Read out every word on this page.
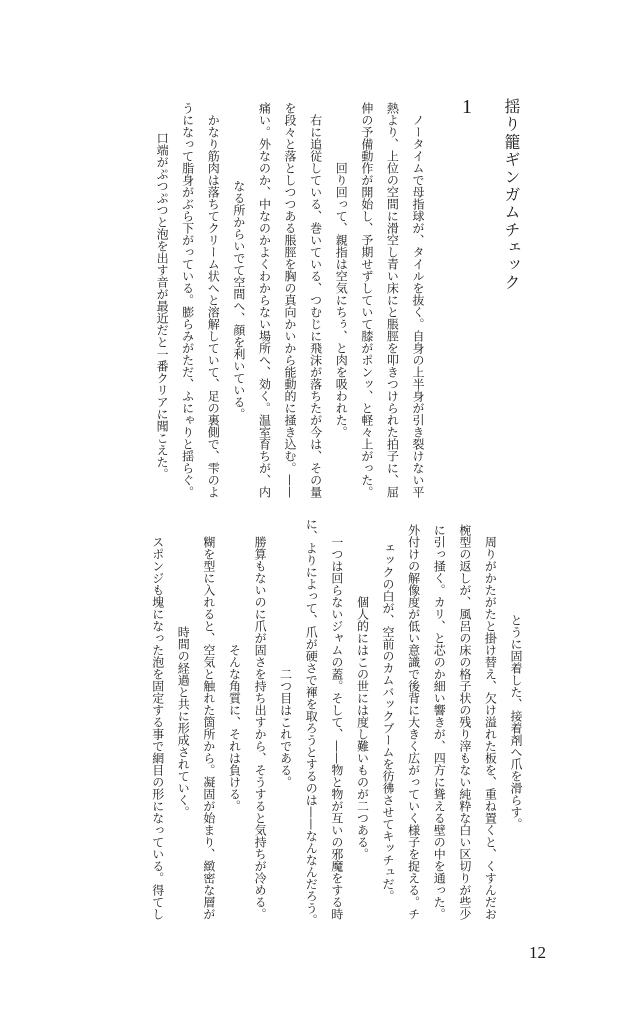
揺り籠ギンガムチェック
1
　ノータイムで母指球が、タイルを抜く。自身の上半身が引き裂けない平
熱より、上位の空間に滑空し青い床にと脹脛を叩きつけられた拍子に、屈
伸の予備動作が開始し、予期せずしていて膝がポンッ、と軽々上がった。
回り回って、親指は空気にちぅ、と肉を吸われた。
　右に追従している、巻いている、つむじに飛沫が落ちたが今は、その量
を段々と落としつつある脹脛を胸の真向かいから能動的に掻き込む。——
痛い。外なのか、中なのかよくわからない場所へ、効く。温室育ちが、内
なる所からいでて空間へ、顔を利いている。
　かなり筋肉は落ちてクリーム状へと溶解していて、足の裏側で、雫のよ
うになって脂身がぶら下がっている。膨らみがただ、ふにゃりと揺らぐ。
　口端がぷつぷつと泡を出す音が最近だと一番クリアに聞こえた。
とうに固着した、接着剤へ爪を滑らす。
　周りがかたがたと掛け替え、欠け溢れた板を、重ね置くと、くすんだお
椀型の返しが、風呂の床の格子状の残り滓もない純粋な白い区切りが些少
に引っ掻く。カリ、と芯のか細い響きが、四方に聳える壁の中を通った。
外付けの解像度が低い意識で後背に大きく広がっていく様子を捉える。チ
ェックの白が、空前のカムバックブームを彷彿させてキッチュだ。
　個人的にはこの世には度し難いものが二つある。
　一つは回らないジャムの蓋。そして、——物と物が互いの邪魔をする時
に、よりによって、爪が硬さで褌を取ろうとするのは——なんなんだろう。
　二つ目はこれである。
　勝算もないのに爪が固さを持ち出すから、そうすると気持ちが冷める。
　そんな角質に、それは負ける。
　糊を型に入れると、空気と触れた箇所から。凝固が始まり、緻密な層が
時間の経過と共に形成されていく。
　スポンジも塊になった泡を固定する事で網目の形になっている。得てし
12
